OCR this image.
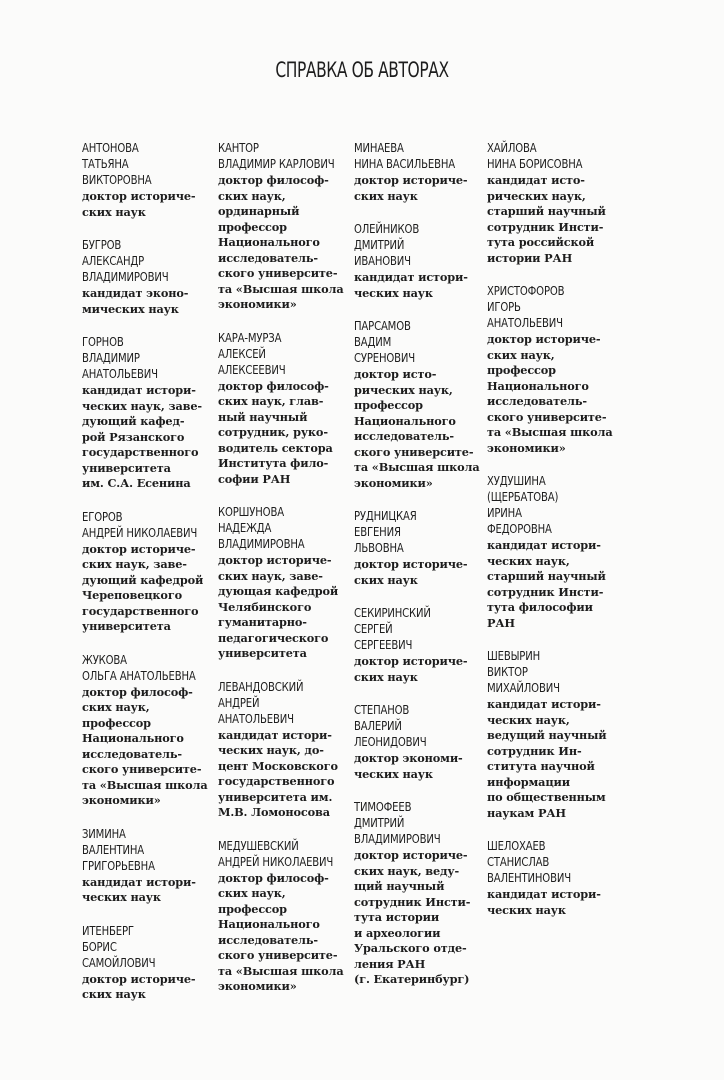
СПРАВКА ОБ АВТОРАХ
АНТОНОВА
ТАТЬЯНА
ВИКТОРОВНА
доктор историче-
ских наук
БУГРОВ
АЛЕКСАНДР
ВЛАДИМИРОВИЧ
кандидат эконо-
мических наук
ГОРНОВ
ВЛАДИМИР
АНАТОЛЬЕВИЧ
кандидат истори-
ческих наук, заве-
дующий кафед-
рой Рязанского
государственного
университета
им. С.А. Есенина
ЕГОРОВ
АНДРЕЙ НИКОЛАЕВИЧ
доктор историче-
ских наук, заве-
дующий кафедрой
Череповецкого
государственного
университета
ЖУКОВА
ОЛЬГА АНАТОЛЬЕВНА
доктор философ-
ских наук,
профессор
Национального
исследователь-
ского университе-
та «Высшая школа
экономики»
ЗИМИНА
ВАЛЕНТИНА
ГРИГОРЬЕВНА
кандидат истори-
ческих наук
ИТЕНБЕРГ
БОРИС
САМОЙЛОВИЧ
доктор историче-
ских наук
КАНТОР
ВЛАДИМИР КАРЛОВИЧ
доктор философ-
ских наук,
ординарный
профессор
Национального
исследователь-
ского университе-
та «Высшая школа
экономики»
КАРА-МУРЗА
АЛЕКСЕЙ
АЛЕКСЕЕВИЧ
доктор философ-
ских наук, глав-
ный научный
сотрудник, руко-
водитель сектора
Института фило-
софии РАН
КОРШУНОВА
НАДЕЖДА
ВЛАДИМИРОВНА
доктор историче-
ских наук, заве-
дующая кафедрой
Челябинского
гуманитарно-
педагогического
университета
ЛЕВАНДОВСКИЙ
АНДРЕЙ
АНАТОЛЬЕВИЧ
кандидат истори-
ческих наук, до-
цент Московского
государственного
университета им.
М.В. Ломоносова
МЕДУШЕВСКИЙ
АНДРЕЙ НИКОЛАЕВИЧ
доктор философ-
ских наук,
профессор
Национального
исследователь-
ского университе-
та «Высшая школа
экономики»
МИНАЕВА
НИНА ВАСИЛЬЕВНА
доктор историче-
ских наук
ОЛЕЙНИКОВ
ДМИТРИЙ
ИВАНОВИЧ
кандидат истори-
ческих наук
ПАРСАМОВ
ВАДИМ
СУРЕНОВИЧ
доктор исто-
рических наук,
профессор
Национального
исследователь-
ского университе-
та «Высшая школа
экономики»
РУДНИЦКАЯ
ЕВГЕНИЯ
ЛЬВОВНА
доктор историче-
ских наук
СЕКИРИНСКИЙ
СЕРГЕЙ
СЕРГЕЕВИЧ
доктор историче-
ских наук
СТЕПАНОВ
ВАЛЕРИЙ
ЛЕОНИДОВИЧ
доктор экономи-
ческих наук
ТИМОФЕЕВ
ДМИТРИЙ
ВЛАДИМИРОВИЧ
доктор историче-
ских наук, веду-
щий научный
сотрудник Инсти-
тута истории
и археологии
Уральского отде-
ления РАН
(г. Екатеринбург)
ХАЙЛОВА
НИНА БОРИСОВНА
кандидат исто-
рических наук,
старший научный
сотрудник Инсти-
тута российской
истории РАН
ХРИСТОФОРОВ
ИГОРЬ
АНАТОЛЬЕВИЧ
доктор историче-
ских наук,
профессор
Национального
исследователь-
ского университе-
та «Высшая школа
экономики»
ХУДУШИНА
(ЩЕРБАТОВА)
ИРИНА
ФЕДОРОВНА
кандидат истори-
ческих наук,
старший научный
сотрудник Инсти-
тута философии
РАН
ШЕВЫРИН
ВИКТОР
МИХАЙЛОВИЧ
кандидат истори-
ческих наук,
ведущий научный
сотрудник Ин-
ститута научной
информации
по общественным
наукам РАН
ШЕЛОХАЕВ
СТАНИСЛАВ
ВАЛЕНТИНОВИЧ
кандидат истори-
ческих наук
